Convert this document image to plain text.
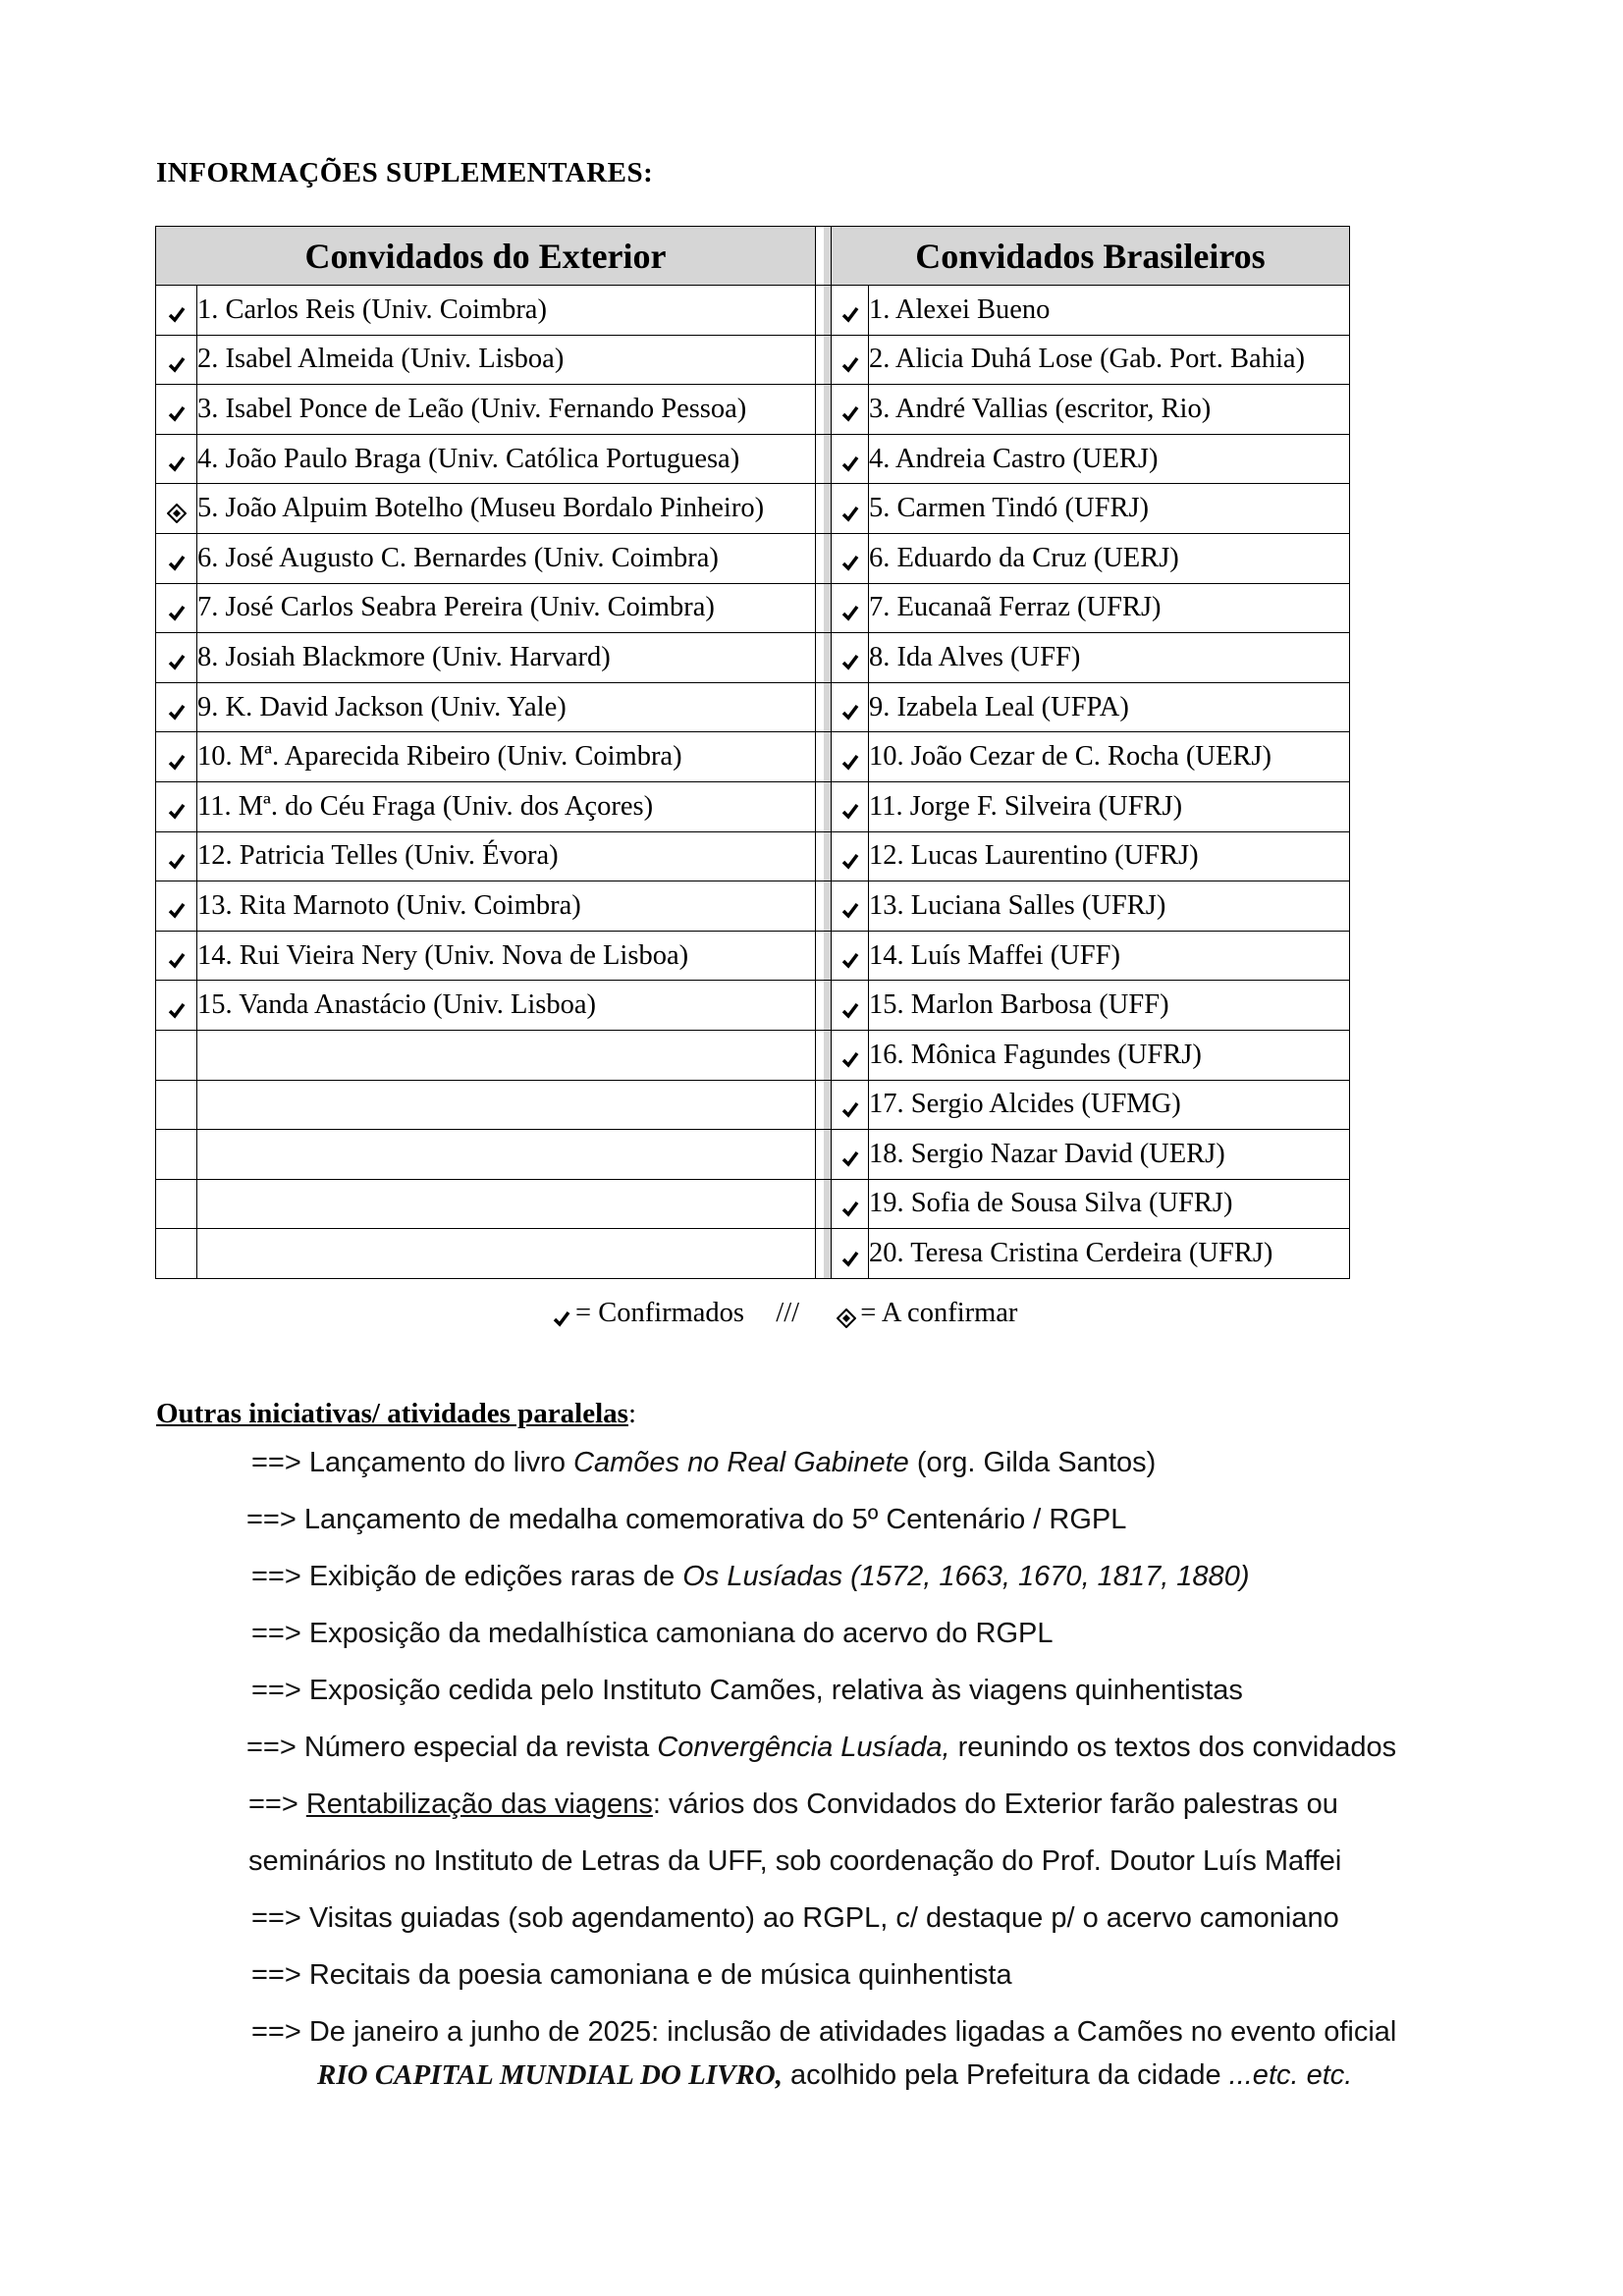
INFORMAÇÕES SUPLEMENTARES:
Convidados do Exterior			Convidados Brasileiros	
	1. Carlos Reis (Univ. Coimbra)			1. Alexei Bueno
	2. Isabel Almeida (Univ. Lisboa)			2. Alicia Duhá Lose (Gab. Port. Bahia)
	3. Isabel Ponce de Leão (Univ. Fernando Pessoa)			3. André Vallias (escritor, Rio)
	4. João Paulo Braga (Univ. Católica Portuguesa)			4. Andreia Castro (UERJ)
	5. João Alpuim Botelho (Museu Bordalo Pinheiro)			5. Carmen Tindó (UFRJ)
	6. José Augusto C. Bernardes (Univ. Coimbra)			6. Eduardo da Cruz (UERJ)
	7. José Carlos Seabra Pereira (Univ. Coimbra)			7. Eucanaã Ferraz (UFRJ)
	8. Josiah Blackmore (Univ. Harvard)			8. Ida Alves (UFF)
	9. K. David Jackson (Univ. Yale)			9. Izabela Leal (UFPA)
	10. Mª. Aparecida Ribeiro (Univ. Coimbra)			10. João Cezar de C. Rocha (UERJ)
	11. Mª. do Céu Fraga (Univ. dos Açores)			11. Jorge F. Silveira (UFRJ)
	12. Patricia Telles (Univ. Évora)			12. Lucas Laurentino (UFRJ)
	13. Rita Marnoto (Univ. Coimbra)			13. Luciana Salles (UFRJ)
	14. Rui Vieira Nery (Univ. Nova de Lisboa)			14. Luís Maffei (UFF)
	15. Vanda Anastácio (Univ. Lisboa)			15. Marlon Barbosa (UFF)
				16. Mônica Fagundes (UFRJ)
				17. Sergio Alcides (UFMG)
				18. Sergio Nazar David (UERJ)
				19. Sofia de Sousa Silva (UFRJ)
				20. Teresa Cristina Cerdeira (UFRJ)
= Confirmados /// = A confirmar
Outras iniciativas/ atividades paralelas:
==> Lançamento do livro Camões no Real Gabinete (org. Gilda Santos)
==> Lançamento de medalha comemorativa do 5º Centenário / RGPL
==> Exibição de edições raras de Os Lusíadas (1572, 1663, 1670, 1817, 1880)
==> Exposição da medalhística camoniana do acervo do RGPL
==> Exposição cedida pelo Instituto Camões, relativa às viagens quinhentistas
==> Número especial da revista Convergência Lusíada, reunindo os textos dos convidados
==> Rentabilização das viagens: vários dos Convidados do Exterior farão palestras ou
seminários no Instituto de Letras da UFF, sob coordenação do Prof. Doutor Luís Maffei
==> Visitas guiadas (sob agendamento) ao RGPL, c/ destaque p/ o acervo camoniano
==> Recitais da poesia camoniana e de música quinhentista
==> De janeiro a junho de 2025: inclusão de atividades ligadas a Camões no evento oficial
RIO CAPITAL MUNDIAL DO LIVRO, acolhido pela Prefeitura da cidade ...etc. etc.
